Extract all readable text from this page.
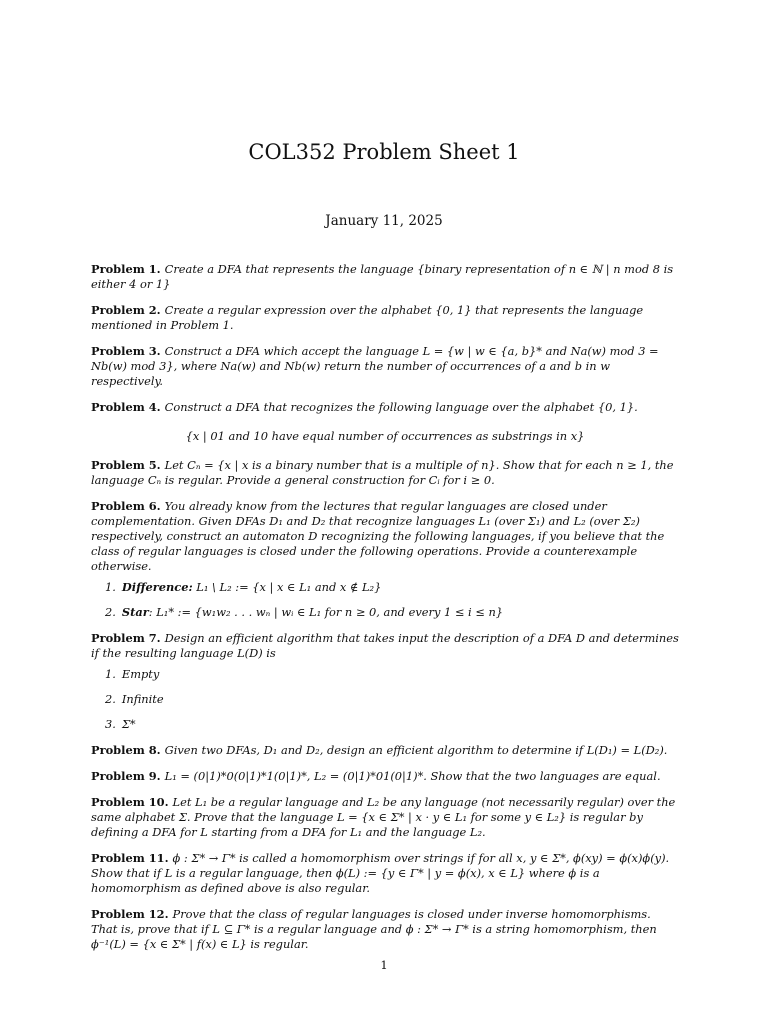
COL352 Problem Sheet 1
January 11, 2025

Problem 1. Create a DFA that represents the language {binary representation of n ∈ ℕ | n mod 8 is either 4 or 1}

Problem 2. Create a regular expression over the alphabet {0, 1} that represents the language mentioned in Problem 1.

Problem 3. Construct a DFA which accept the language L = {w | w ∈ {a, b}* and Na(w) mod 3 = Nb(w) mod 3}, where Na(w) and Nb(w) return the number of occurrences of a and b in w respectively.

Problem 4. Construct a DFA that recognizes the following language over the alphabet {0, 1}.
{x | 01 and 10 have equal number of occurrences as substrings in x}

Problem 5. Let Cₙ = {x | x is a binary number that is a multiple of n}. Show that for each n ≥ 1, the language Cₙ is regular. Provide a general construction for Cᵢ for i ≥ 0.

Problem 6. You already know from the lectures that regular languages are closed under complementation. Given DFAs D₁ and D₂ that recognize languages L₁ (over Σ₁) and L₂ (over Σ₂) respectively, construct an automaton D recognizing the following languages, if you believe that the class of regular languages is closed under the following operations. Provide a counterexample otherwise.
1. Difference: L₁ \ L₂ := {x | x ∈ L₁ and x ∉ L₂}
2. Star: L₁* := {w₁w₂ . . . wₙ | wᵢ ∈ L₁ for n ≥ 0, and every 1 ≤ i ≤ n}
Problem 7. Design an efficient algorithm that takes input the description of a DFA D and determines if the resulting language L(D) is
1. Empty
2. Infinite
3. Σ*

Problem 8. Given two DFAs, D₁ and D₂, design an efficient algorithm to determine if L(D₁) = L(D₂).

Problem 9. L₁ = (0|1)*0(0|1)*1(0|1)*, L₂ = (0|1)*01(0|1)*. Show that the two languages are equal.

Problem 10. Let L₁ be a regular language and L₂ be any language (not necessarily regular) over the same alphabet Σ. Prove that the language L = {x ∈ Σ* | x · y ∈ L₁ for some y ∈ L₂} is regular by defining a DFA for L starting from a DFA for L₁ and the language L₂.

Problem 11. ϕ : Σ* → Γ* is called a homomorphism over strings if for all x, y ∈ Σ*, ϕ(xy) = ϕ(x)ϕ(y). Show that if L is a regular language, then ϕ(L) := {y ∈ Γ* | y = ϕ(x), x ∈ L} where ϕ is a homomorphism as defined above is also regular.

Problem 12. Prove that the class of regular languages is closed under inverse homomorphisms. That is, prove that if L ⊆ Γ* is a regular language and ϕ : Σ* → Γ* is a string homomorphism, then ϕ⁻¹(L) = {x ∈ Σ* | f(x) ∈ L} is regular.

1
